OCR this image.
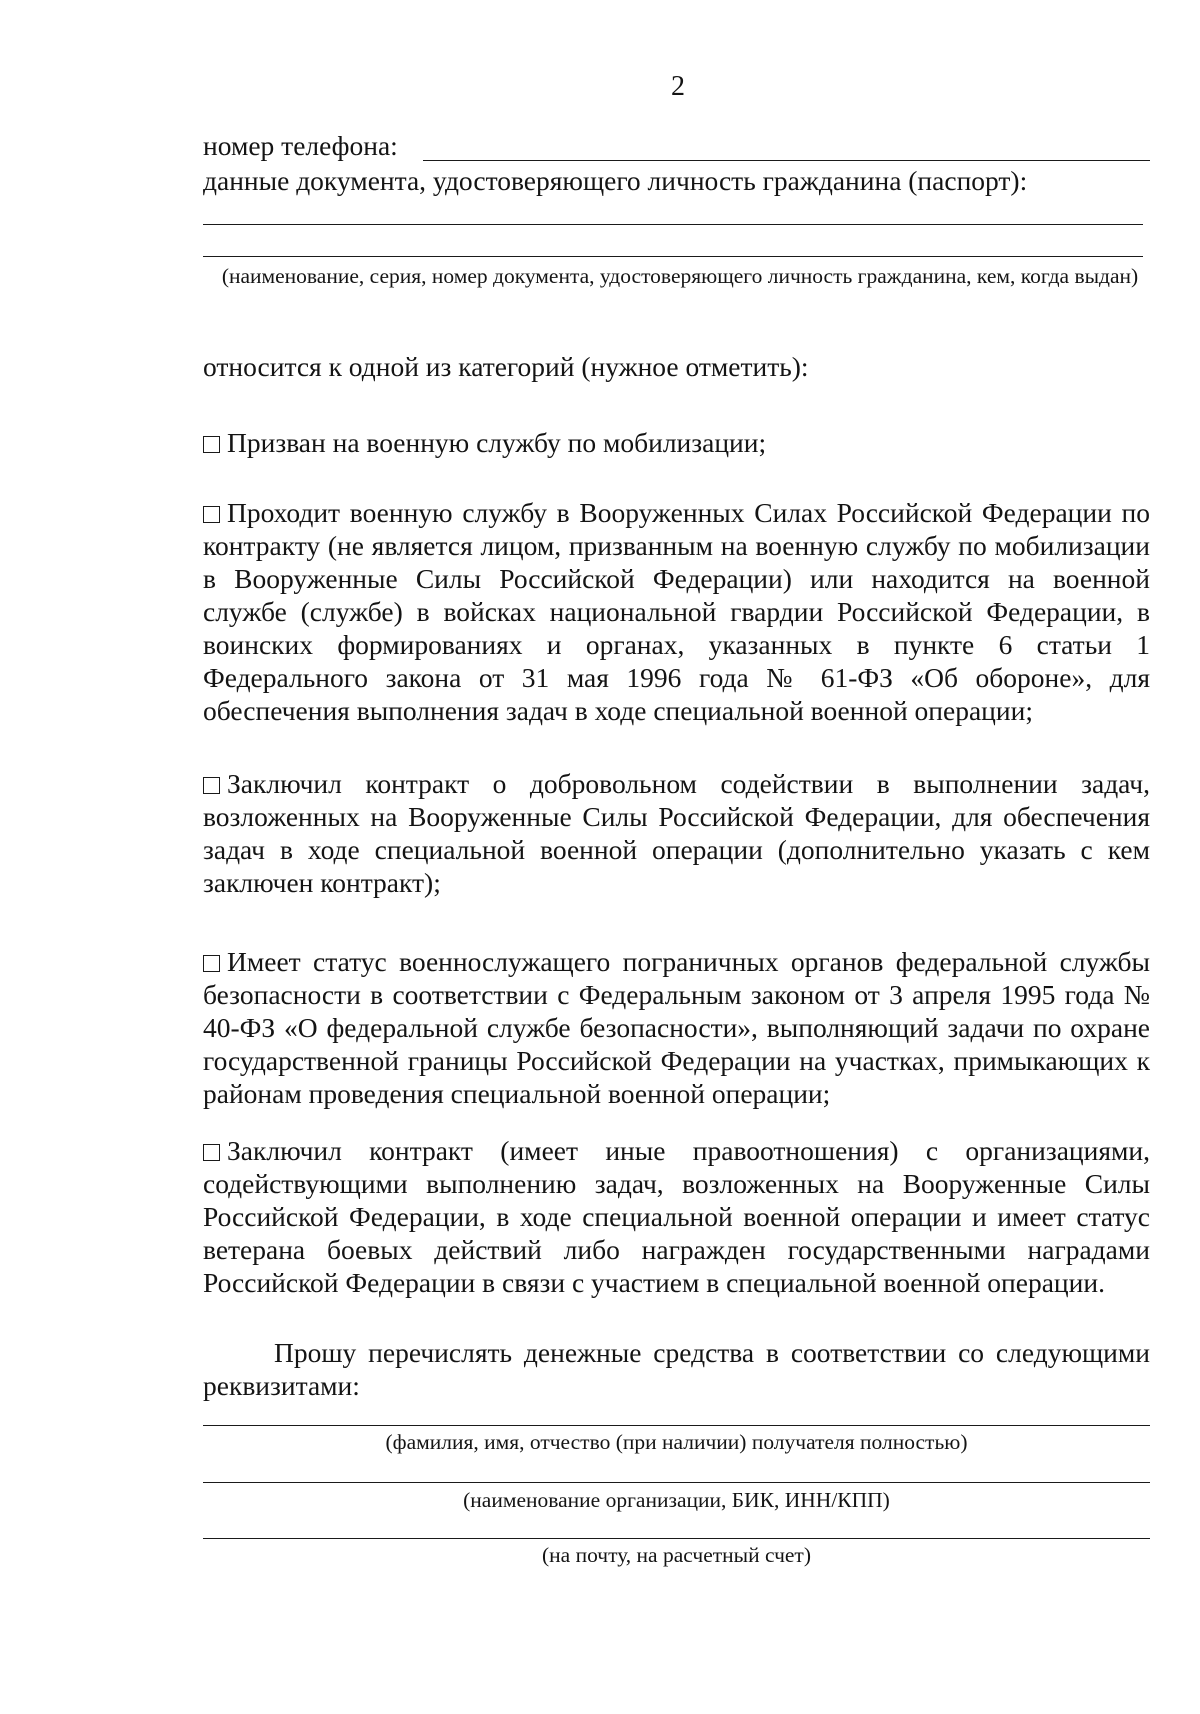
2
номер телефона:
данные документа, удостоверяющего личность гражданина (паспорт):
(наименование, серия, номер документа, удостоверяющего личность гражданина, кем, когда выдан)
относится к одной из категорий (нужное отметить):
Призван на военную службу по мобилизации;
Проходит военную службу в Вооруженных Силах Российской Федерации по контракту (не является лицом, призванным на военную службу по мобилизации в Вооруженные Силы Российской Федерации) или находится на военной службе (службе) в войсках национальной гвардии Российской Федерации, в воинских формированиях и органах, указанных в пункте 6 статьи 1 Федерального закона от 31 мая 1996 года № 61-ФЗ «Об обороне», для обеспечения выполнения задач в ходе специальной военной операции;
Заключил контракт о добровольном содействии в выполнении задач, возложенных на Вооруженные Силы Российской Федерации, для обеспечения задач в ходе специальной военной операции (дополнительно указать с кем заключен контракт);
Имеет статус военнослужащего пограничных органов федеральной службы безопасности в соответствии с Федеральным законом от 3 апреля 1995 года № 40-ФЗ «О федеральной службе безопасности», выполняющий задачи по охране государственной границы Российской Федерации на участках, примыкающих к районам проведения специальной военной операции;
Заключил контракт (имеет иные правоотношения) с организациями, содействующими выполнению задач, возложенных на Вооруженные Силы Российской Федерации, в ходе специальной военной операции и имеет статус ветерана боевых действий либо награжден государственными наградами Российской Федерации в связи с участием в специальной военной операции.
Прошу перечислять денежные средства в соответствии со следующими реквизитами:
(фамилия, имя, отчество (при наличии) получателя полностью)
(наименование организации, БИК, ИНН/КПП)
(на почту, на расчетный счет)
